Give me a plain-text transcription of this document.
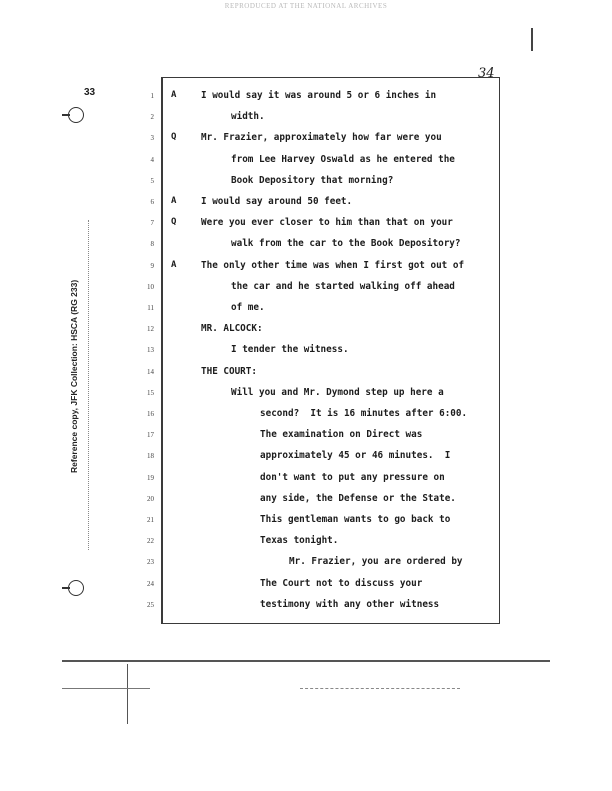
REPRODUCED AT THE NATIONAL ARCHIVES
33
34
Reference copy, JFK Collection: HSCA (RG 233)
1 A	I would say it was around 5 or 6 inches in
2	width.
3 Q	Mr. Frazier, approximately how far were you
4	from Lee Harvey Oswald as he entered the
5	Book Depository that morning?
6 A	I would say around 50 feet.
7 Q	Were you ever closer to him than that on your
8	walk from the car to the Book Depository?
9 A	The only other time was when I first got out of
10	the car and he started walking off ahead
11	of me.
12	MR. ALCOCK:
13	I tender the witness.
14	THE COURT:
15	Will you and Mr. Dymond step up here a
16	second?  It is 16 minutes after 6:00.
17	The examination on Direct was
18	approximately 45 or 46 minutes.  I
19	don't want to put any pressure on
20	any side, the Defense or the State.
21	This gentleman wants to go back to
22	Texas tonight.
23	Mr. Frazier, you are ordered by
24	The Court not to discuss your
25	testimony with any other witness
